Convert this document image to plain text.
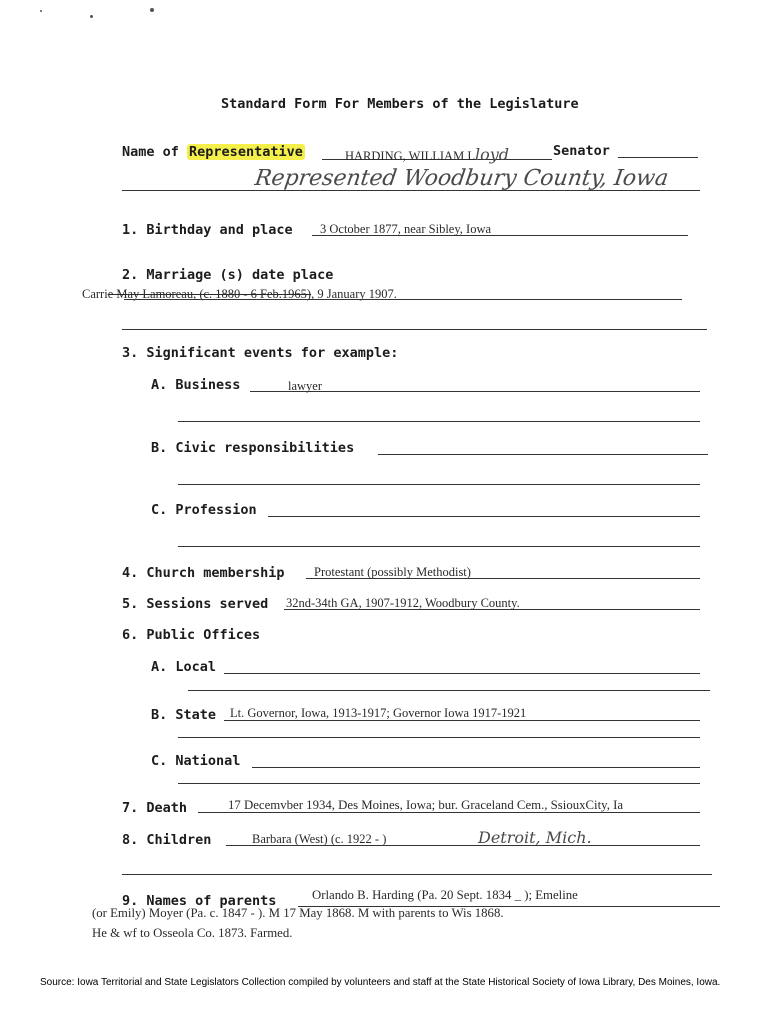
Standard Form For Members of the Legislature
Name of Representative	HARDING, WILLIAM Lloyd	Senator
Represented Woodbury County, Iowa
1. Birthday and place 3 October 1877, near Sibley, Iowa
2. Marriage (s) date place
Carrie May Lamoreau, (c. 1880 - 6 Feb.1965), 9 January 1907.
3. Significant events for example:
A. Business	lawyer
B. Civic responsibilities
C. Profession
4. Church membership Protestant (possibly Methodist)
5. Sessions served 32nd-34th GA, 1907-1912, Woodbury County.
6. Public Offices
A. Local
B. State Lt. Governor, Iowa, 1913-1917; Governor Iowa 1917-1921
C. National
7. Death	17 Decemvber 1934, Des Moines, Iowa; bur. Graceland Cem., SsiouxCity, Ia
8. Children	Barbara (West) (c. 1922 - )	Detroit, Mich.
9. Names of parents	Orlando B. Harding (Pa. 20 Sept. 1834 _ ); Emeline
(or Emily) Moyer (Pa. c. 1847 - ). M 17 May 1868. M with parents to Wis 1868.
He & wf to Osseola Co. 1873. Farmed.
Source: Iowa Territorial and State Legislators Collection compiled by volunteers and staff at the State Historical Society of Iowa Library, Des Moines, Iowa.
